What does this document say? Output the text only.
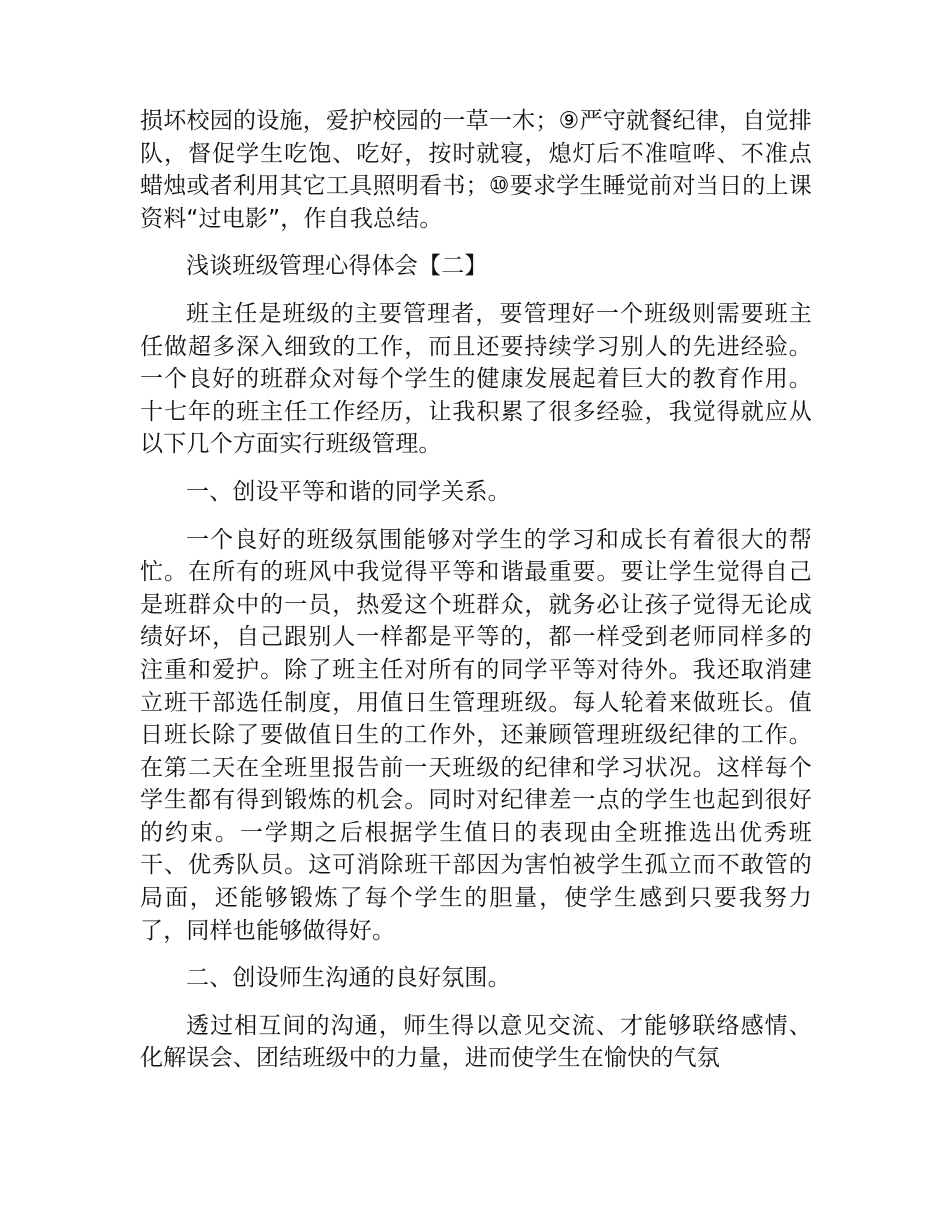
损坏校园的设施，爱护校园的一草一木；⑨严守就餐纪律，自觉排队，督促学生吃饱、吃好，按时就寝，熄灯后不准喧哗、不准点蜡烛或者利用其它工具照明看书；⑩要求学生睡觉前对当日的上课资料“过电影”，作自我总结。

浅谈班级管理心得体会【二】

班主任是班级的主要管理者，要管理好一个班级则需要班主任做超多深入细致的工作，而且还要持续学习别人的先进经验。一个良好的班群众对每个学生的健康发展起着巨大的教育作用。十七年的班主任工作经历，让我积累了很多经验，我觉得就应从以下几个方面实行班级管理。

一、创设平等和谐的同学关系。

一个良好的班级氛围能够对学生的学习和成长有着很大的帮忙。在所有的班风中我觉得平等和谐最重要。要让学生觉得自己是班群众中的一员，热爱这个班群众，就务必让孩子觉得无论成绩好坏，自己跟别人一样都是平等的，都一样受到老师同样多的注重和爱护。除了班主任对所有的同学平等对待外。我还取消建立班干部选任制度，用值日生管理班级。每人轮着来做班长。值日班长除了要做值日生的工作外，还兼顾管理班级纪律的工作。在第二天在全班里报告前一天班级的纪律和学习状况。这样每个学生都有得到锻炼的机会。同时对纪律差一点的学生也起到很好的约束。一学期之后根据学生值日的表现由全班推选出优秀班干、优秀队员。这可消除班干部因为害怕被学生孤立而不敢管的局面，还能够锻炼了每个学生的胆量，使学生感到只要我努力了，同样也能够做得好。

二、创设师生沟通的良好氛围。

透过相互间的沟通，师生得以意见交流、才能够联络感情、化解误会、团结班级中的力量，进而使学生在愉快的气氛
